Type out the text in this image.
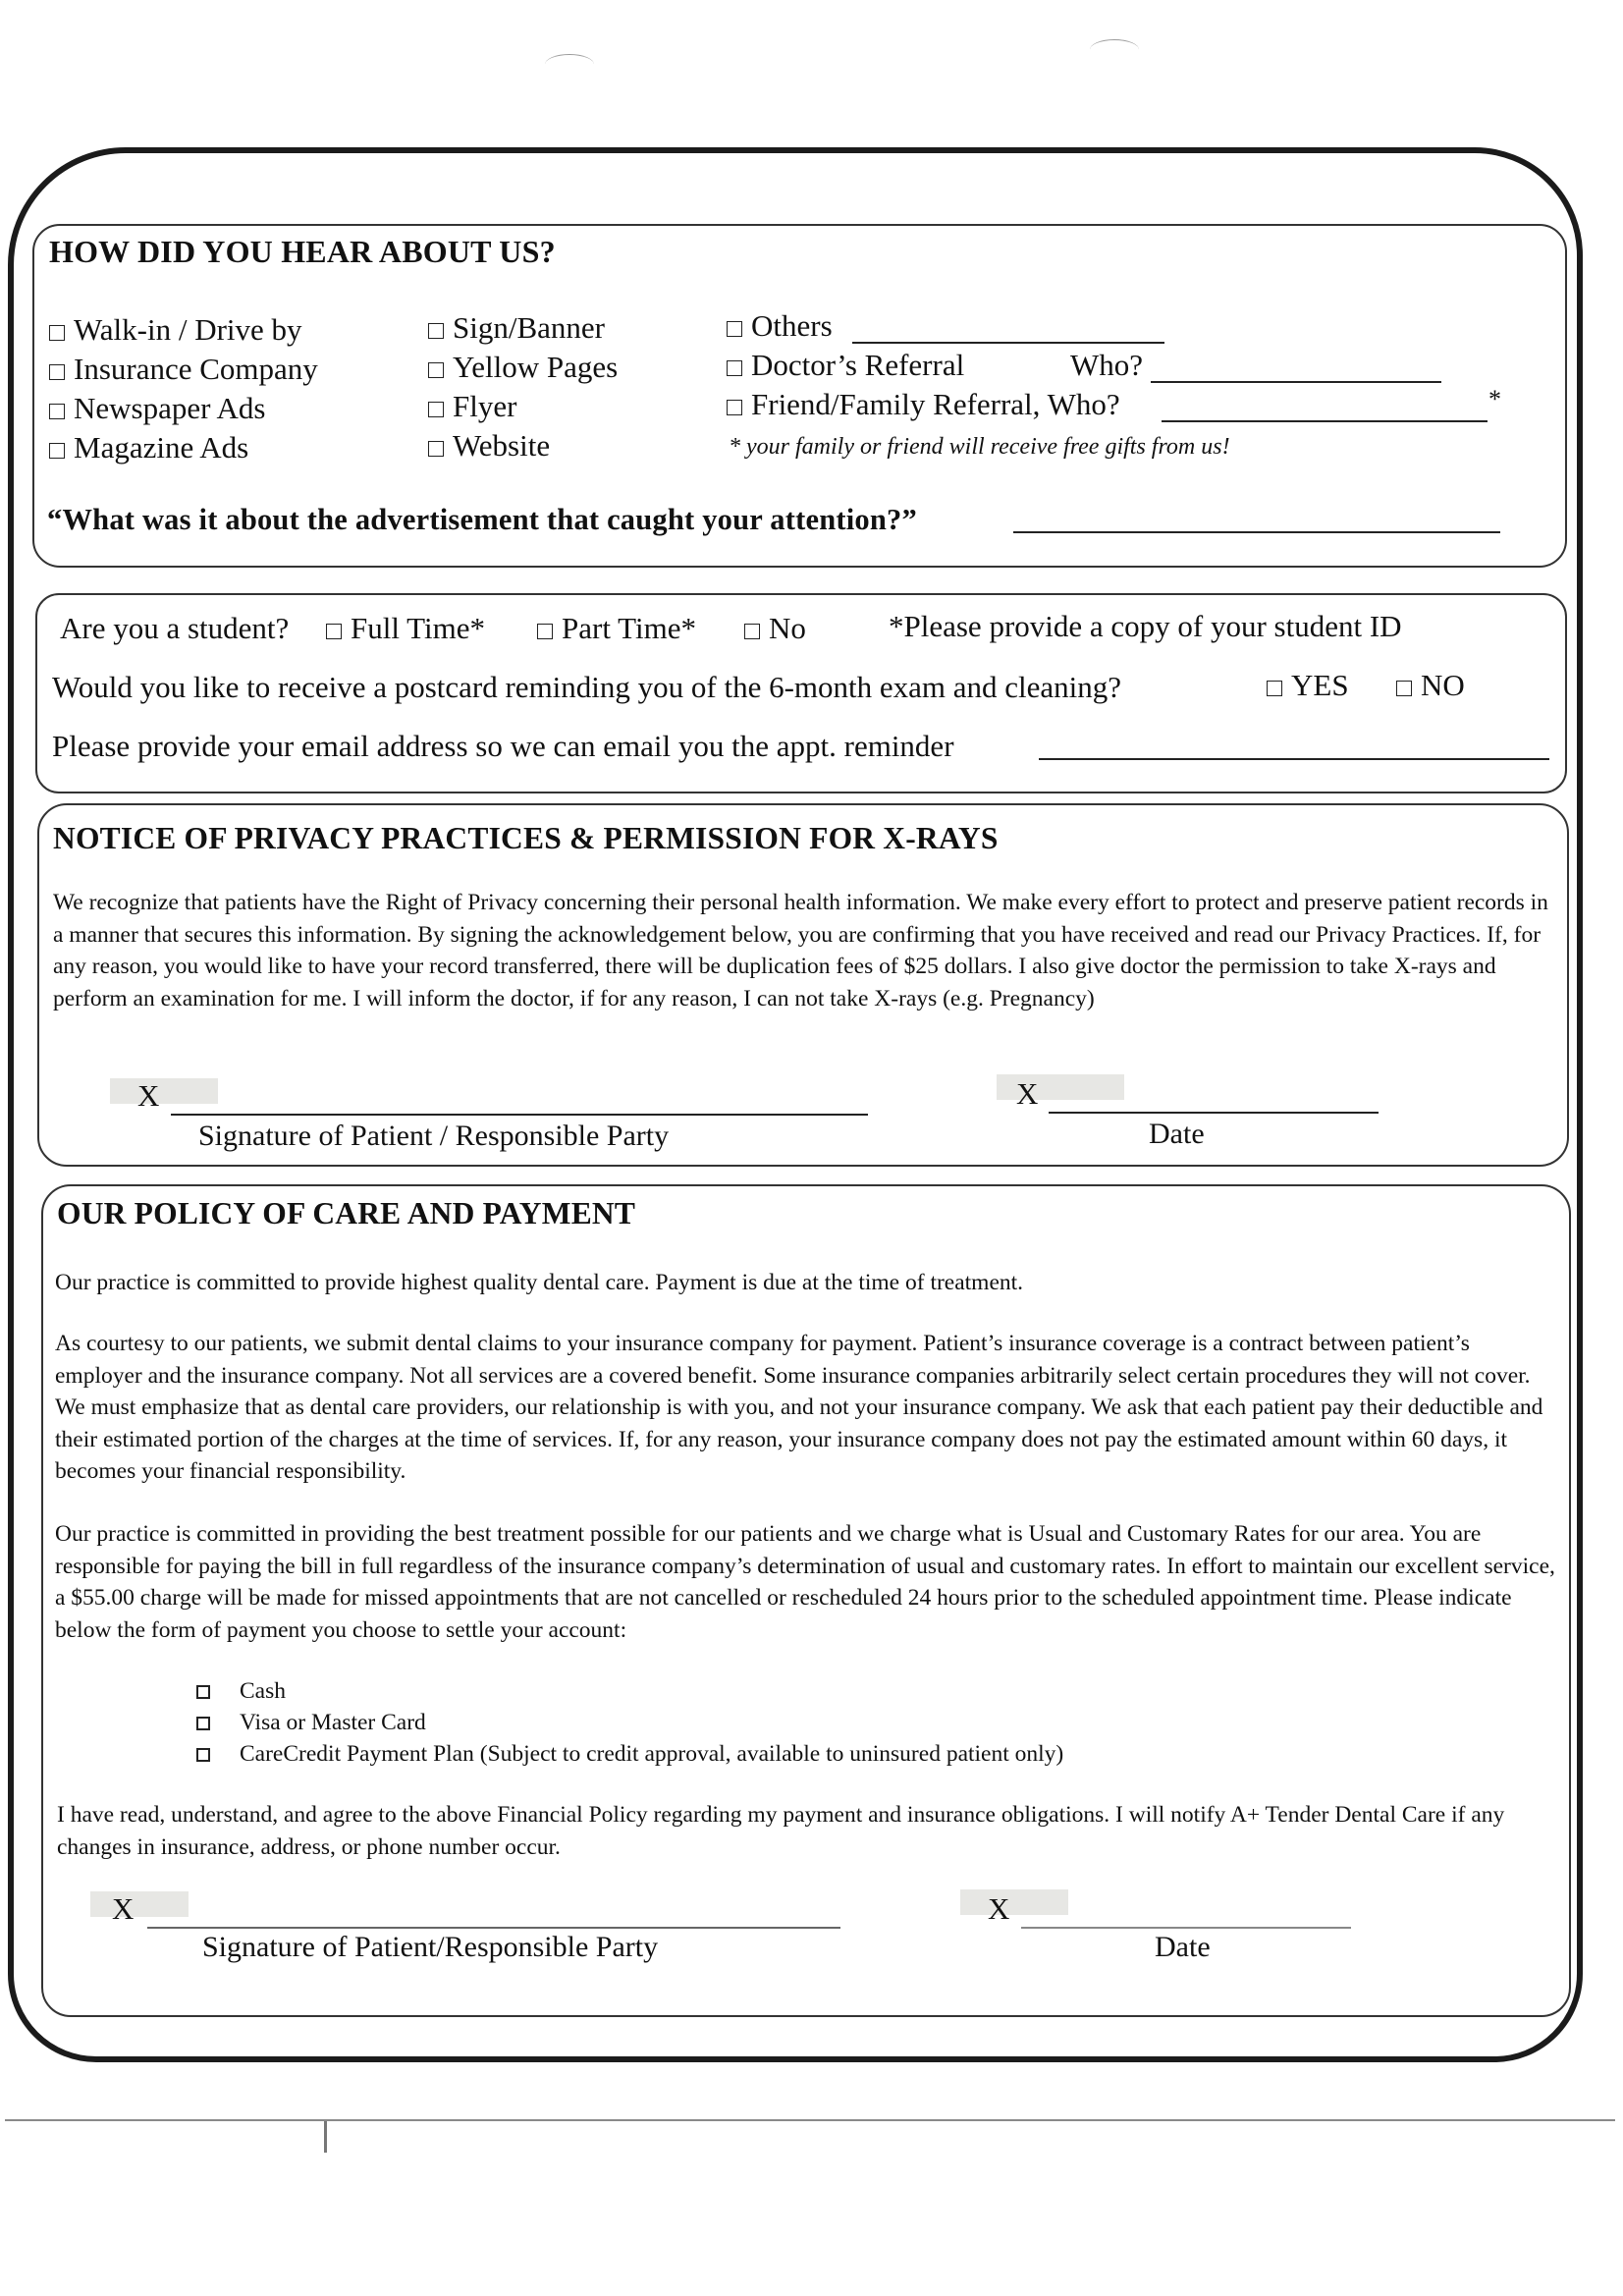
HOW DID YOU HEAR ABOUT US?
Walk-in / Drive by
Insurance Company
Newspaper Ads
Magazine Ads
Sign/Banner
Yellow Pages
Flyer
Website
Others
Doctor’s Referral	Who?
Friend/Family Referral, Who?	*
* your family or friend will receive free gifts from us!
“What was it about the advertisement that caught your attention?”
Are you a student?	Full Time*	Part Time*	No	*Please provide a copy of your student ID
Would you like to receive a postcard reminding you of the 6-month exam and cleaning?	YES	NO
Please provide your email address so we can email you the appt. reminder
NOTICE OF PRIVACY PRACTICES & PERMISSION FOR X-RAYS
We recognize that patients have the Right of Privacy concerning their personal health information. We make every effort to protect and preserve patient records in a manner that secures this information. By signing the acknowledgement below, you are confirming that you have received and read our Privacy Practices. If, for any reason, you would like to have your record transferred, there will be duplication fees of $25 dollars. I also give doctor the permission to take X-rays and perform an examination for me. I will inform the doctor, if for any reason, I can not take X-rays (e.g. Pregnancy)
X
Signature of Patient / Responsible Party
X
Date
OUR POLICY OF CARE AND PAYMENT
Our practice is committed to provide highest quality dental care. Payment is due at the time of treatment.
As courtesy to our patients, we submit dental claims to your insurance company for payment. Patient’s insurance coverage is a contract between patient’s employer and the insurance company. Not all services are a covered benefit. Some insurance companies arbitrarily select certain procedures they will not cover. We must emphasize that as dental care providers, our relationship is with you, and not your insurance company. We ask that each patient pay their deductible and their estimated portion of the charges at the time of services. If, for any reason, your insurance company does not pay the estimated amount within 60 days, it becomes your financial responsibility.
Our practice is committed in providing the best treatment possible for our patients and we charge what is Usual and Customary Rates for our area. You are responsible for paying the bill in full regardless of the insurance company’s determination of usual and customary rates. In effort to maintain our excellent service, a $55.00 charge will be made for missed appointments that are not cancelled or rescheduled 24 hours prior to the scheduled appointment time. Please indicate below the form of payment you choose to settle your account:
Cash
Visa or Master Card
CareCredit Payment Plan (Subject to credit approval, available to uninsured patient only)
I have read, understand, and agree to the above Financial Policy regarding my payment and insurance obligations. I will notify A+ Tender Dental Care if any changes in insurance, address, or phone number occur.
X
Signature of Patient/Responsible Party
X
Date
